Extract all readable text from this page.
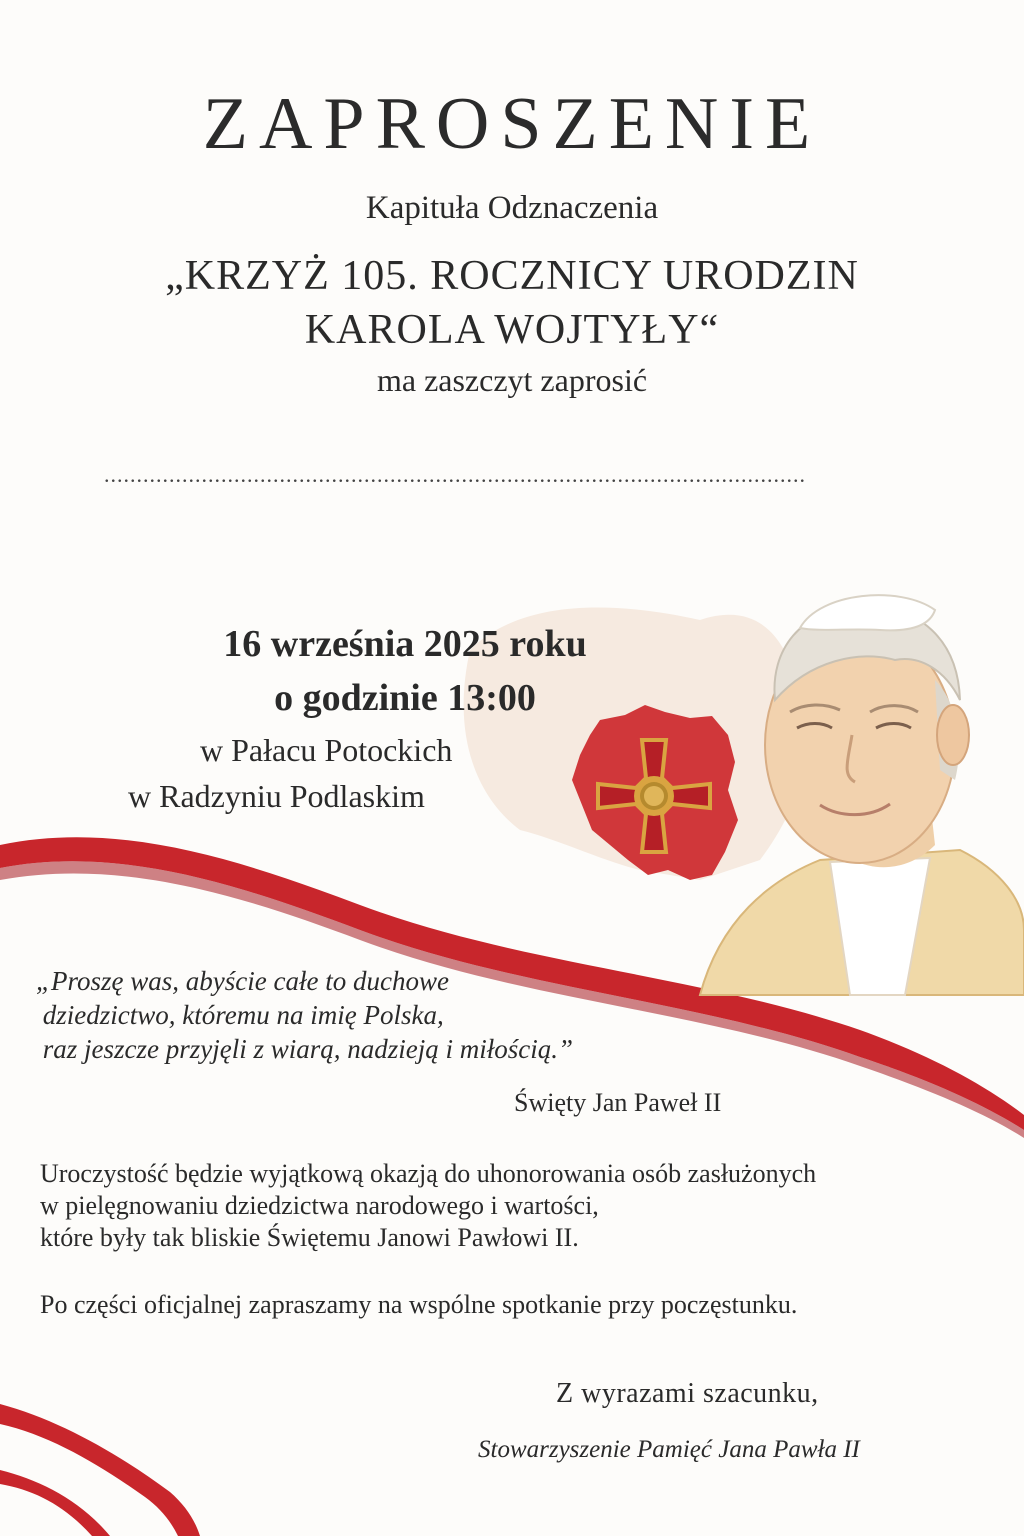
ZAPROSZENIE

Kapituła Odznaczenia

„KRZYŻ 105. ROCZNICY URODZIN

KAROLA WOJTYŁY“

ma zaszczyt zaprosić

............................................................................................................

16 września 2025 roku

o godzinie 13:00

w Pałacu Potockich

w Radzyniu Podlaskim

„Proszę was, abyście całe to duchowe
dziedzictwo, któremu na imię Polska,
raz jeszcze przyjęli z wiarą, nadzieją i miłością.”

Święty Jan Paweł II

Uroczystość będzie wyjątkową okazją do uhonorowania osób zasłużonych
w pielęgnowaniu dziedzictwa narodowego i wartości,
które były tak bliskie Świętemu Janowi Pawłowi II.

Po części oficjalnej zapraszamy na wspólne spotkanie przy poczęstunku.

Z wyrazami szacunku,

Stowarzyszenie Pamięć Jana Pawła II
